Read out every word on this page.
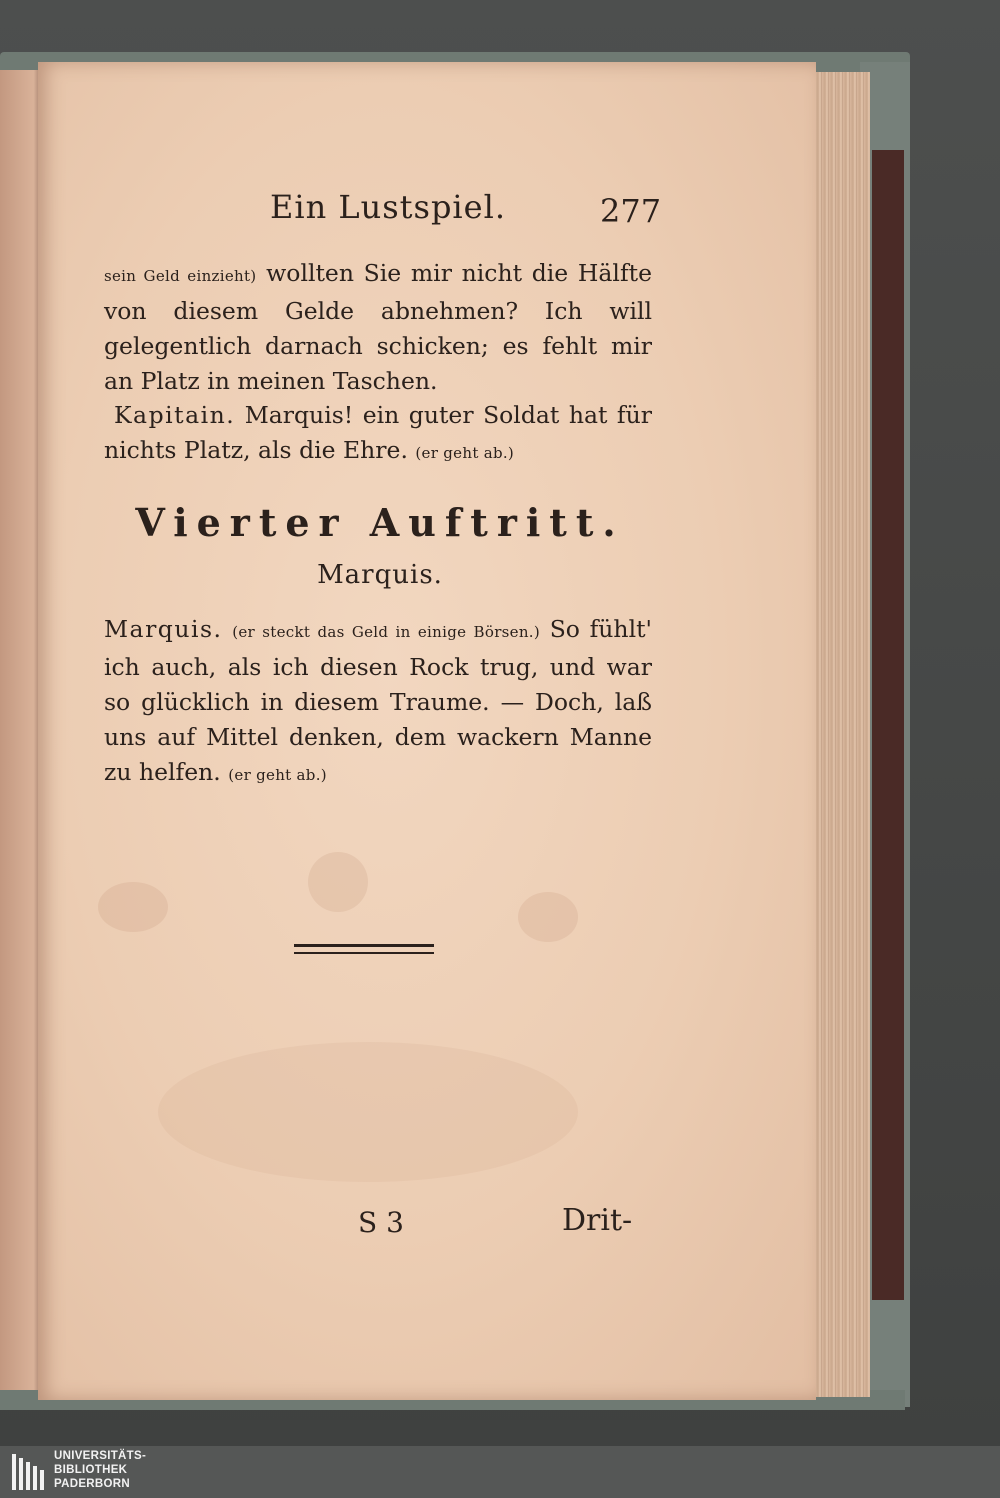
Ein Lustspiel.	277
sein Geld einzieht) wollten Sie mir nicht die Hälfte von diesem Gelde abnehmen? Ich will gelegentlich darnach schicken; es fehlt mir an Platz in meinen Taschen.
Kapitain. Marquis! ein guter Soldat hat für nichts Platz, als die Ehre. (er geht ab.)
Vierter Auftritt.
Marquis.
Marquis. (er steckt das Geld in einige Börsen.) So fühlt' ich auch, als ich diesen Rock trug, und war so glücklich in diesem Traume. — Doch, laß uns auf Mittel denken, dem wackern Manne zu helfen. (er geht ab.)
S 3	Drit-
UNIVERSITÄTS-
BIBLIOTHEK
PADERBORN
